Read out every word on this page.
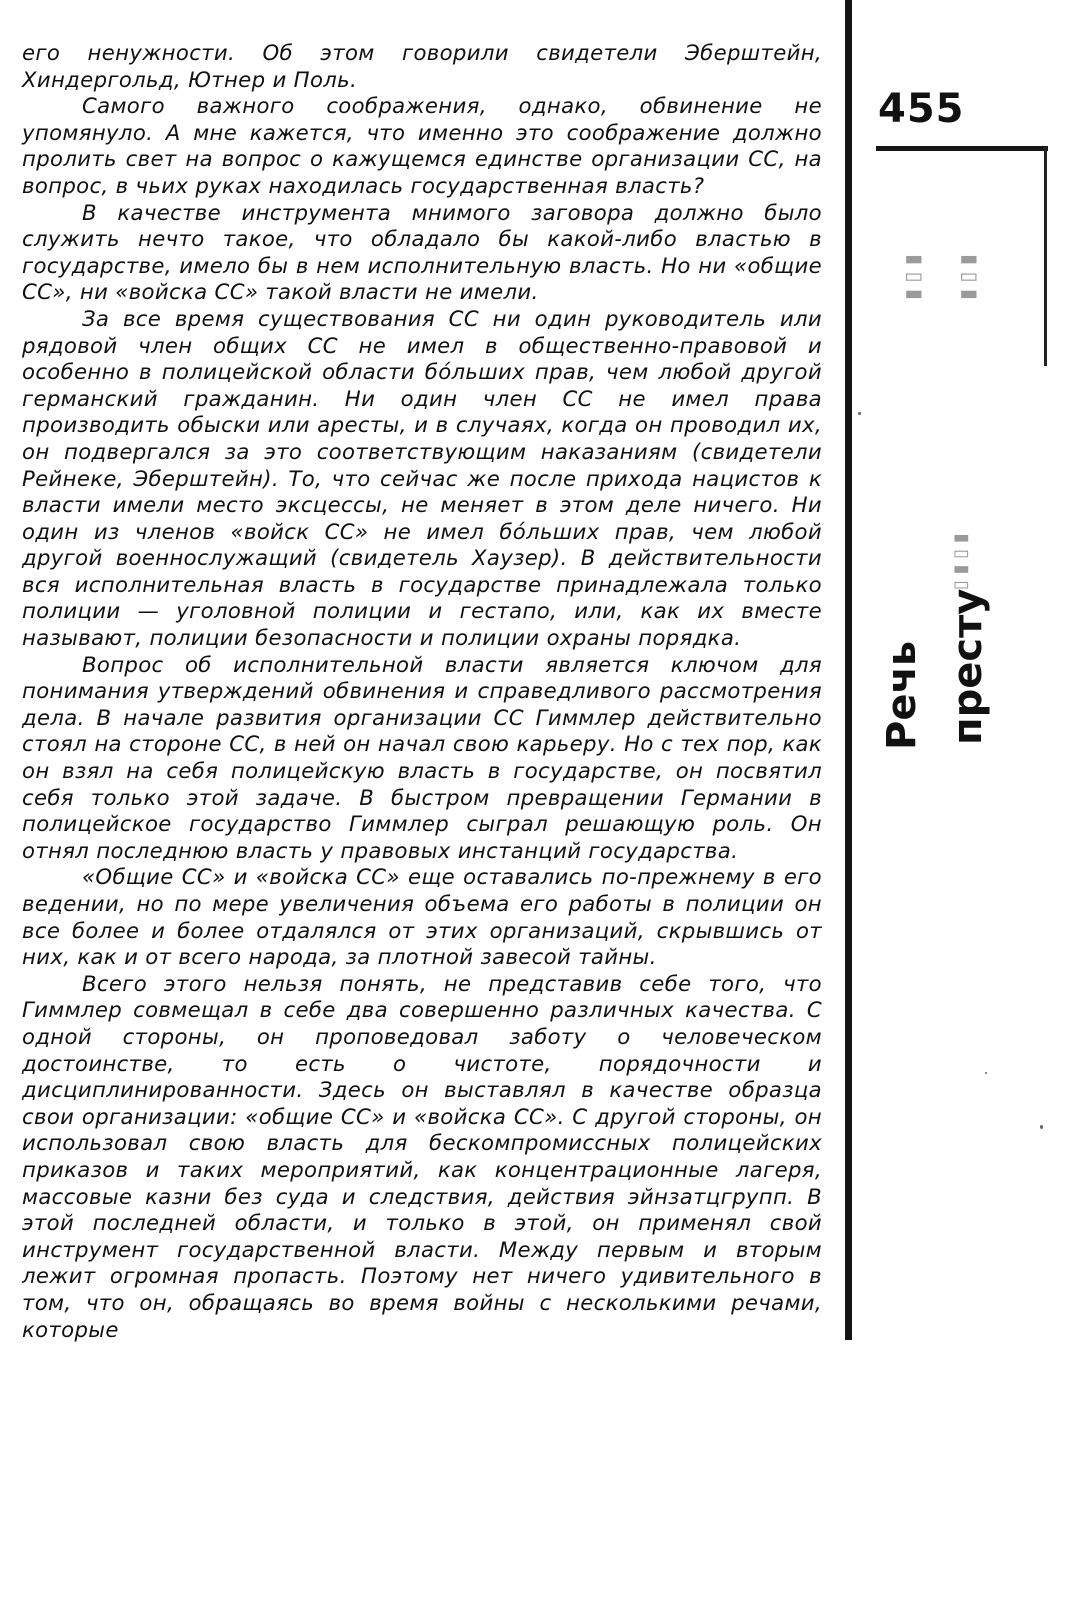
его ненужности. Об этом говорили свидетели Эберштейн, Хиндергольд, Ютнер и Поль.

Самого важного соображения, однако, обвинение не упомянуло. А мне кажется, что именно это соображение должно пролить свет на вопрос о кажущемся единстве организации СС, на вопрос, в чьих руках находилась государственная власть?

В качестве инструмента мнимого заговора должно было служить нечто такое, что обладало бы какой-либо властью в государстве, имело бы в нем исполнительную власть. Но ни «общие СС», ни «войска СС» такой власти не имели.

За все время существования СС ни один руководитель или рядовой член общих СС не имел в общественно-правовой и особенно в полицейской области бóльших прав, чем любой другой германский гражданин. Ни один член СС не имел права производить обыски или аресты, и в случаях, когда он проводил их, он подвергался за это соответствующим наказаниям (свидетели Рейнеке, Эберштейн). То, что сейчас же после прихода нацистов к власти имели место эксцессы, не меняет в этом деле ничего. Ни один из членов «войск СС» не имел бóльших прав, чем любой другой военнослужащий (свидетель Хаузер). В действительности вся исполнительная власть в государстве принадлежала только полиции — уголовной полиции и гестапо, или, как их вместе называют, полиции безопасности и полиции охраны порядка.

Вопрос об исполнительной власти является ключом для понимания утверждений обвинения и справедливого рассмотрения дела. В начале развития организации СС Гиммлер действительно стоял на стороне СС, в ней он начал свою карьеру. Но с тех пор, как он взял на себя полицейскую власть в государстве, он посвятил себя только этой задаче. В быстром превращении Германии в полицейское государство Гиммлер сыграл решающую роль. Он отнял последнюю власть у правовых инстанций государства.

«Общие СС» и «войска СС» еще оставались по-прежнему в его ведении, но по мере увеличения объема его работы в полиции он все более и более отдалялся от этих организаций, скрывшись от них, как и от всего народа, за плотной завесой тайны.

Всего этого нельзя понять, не представив себе того, что Гиммлер совмещал в себе два совершенно различных качества. С одной стороны, он проповедовал заботу о человеческом достоинстве, то есть о чистоте, порядочности и дисциплинированности. Здесь он выставлял в качестве образца свои организации: «общие СС» и «войска СС». С другой стороны, он использовал свою власть для бескомпромиссных полицейских приказов и таких мероприятий, как концентрационные лагеря, массовые казни без суда и следствия, действия эйнзатцгрупп. В этой последней области, и только в этой, он применял свой инструмент государственной власти. Между первым и вторым лежит огромная пропасть. Поэтому нет ничего удивительного в том, что он, обращаясь во время войны с несколькими речами, которые

455
▮ ▯ ▮ ▮ ▯ ▮
▯ ▮ ▯ ▮
Речь престу
